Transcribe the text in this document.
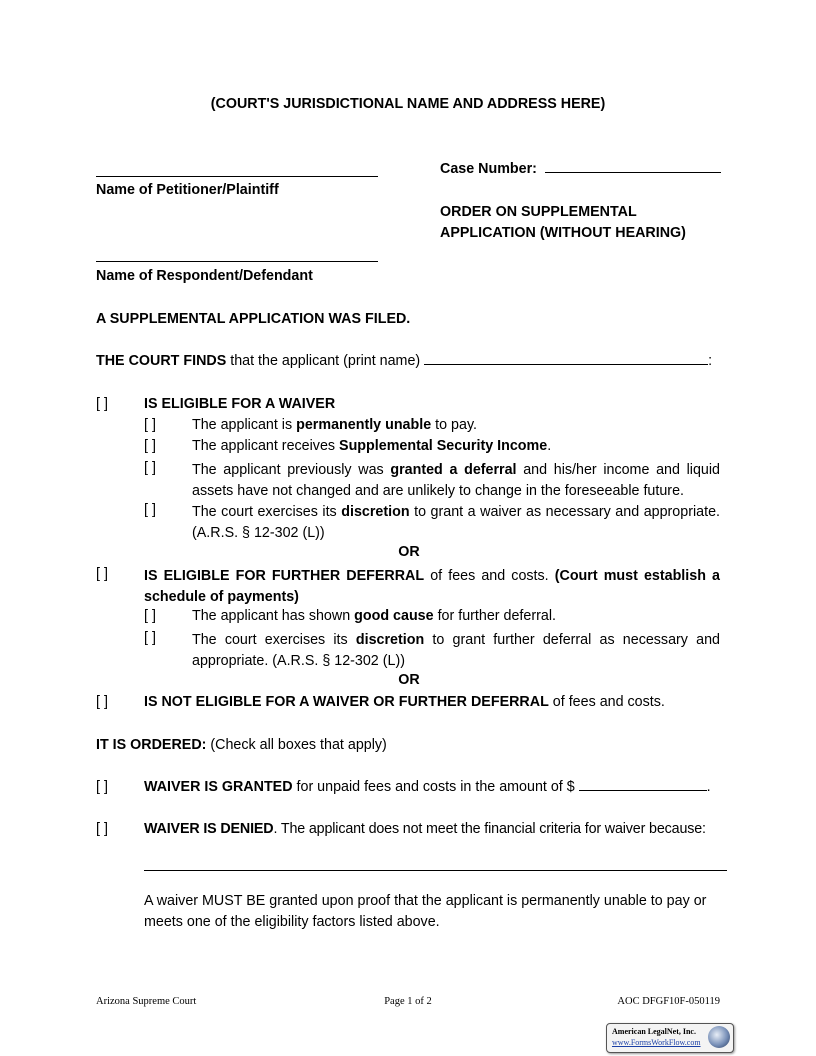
(COURT'S JURISDICTIONAL NAME AND ADDRESS HERE)
Name of Petitioner/Plaintiff
Name of Respondent/Defendant
Case Number:
ORDER ON SUPPLEMENTAL
APPLICATION (WITHOUT HEARING)
A SUPPLEMENTAL APPLICATION WAS FILED.
THE COURT FINDS that the applicant (print name)	:
[ ]	IS ELIGIBLE FOR A WAIVER
[ ]	The applicant is permanently unable to pay.
[ ]	The applicant receives Supplemental Security Income.
[ ]	The applicant previously was granted a deferral and his/her income and liquid assets have not changed and are unlikely to change in the foreseeable future.
[ ]	The court exercises its discretion to grant a waiver as necessary and appropriate. (A.R.S. § 12-302 (L))
OR
[ ]	IS ELIGIBLE FOR FURTHER DEFERRAL of fees and costs. (Court must establish a schedule of payments)
[ ]	The applicant has shown good cause for further deferral.
[ ]	The court exercises its discretion to grant further deferral as necessary and appropriate. (A.R.S. § 12-302 (L))
OR
[ ]	IS NOT ELIGIBLE FOR A WAIVER OR FURTHER DEFERRAL of fees and costs.
IT IS ORDERED: (Check all boxes that apply)
[ ]	WAIVER IS GRANTED for unpaid fees and costs in the amount of $	.
[ ]	WAIVER IS DENIED. The applicant does not meet the financial criteria for waiver because:
A waiver MUST BE granted upon proof that the applicant is permanently unable to pay or meets one of the eligibility factors listed above.
Arizona Supreme Court	Page 1 of 2	AOC DFGF10F-050119
American LegalNet, Inc.
www.FormsWorkFlow.com
